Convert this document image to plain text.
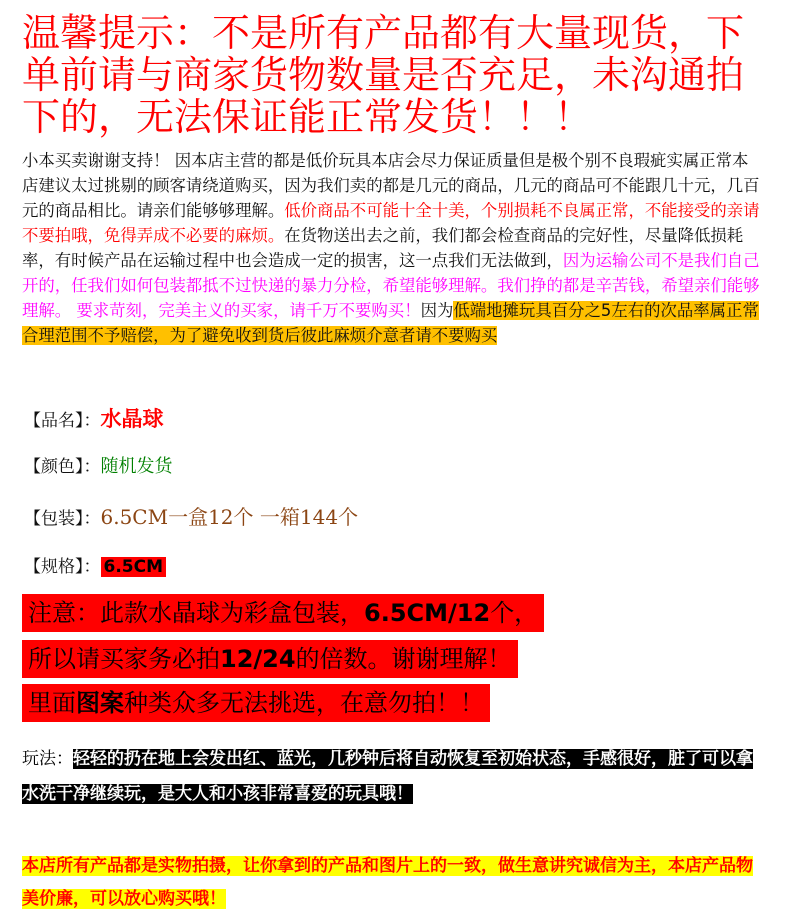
温馨提示：不是所有产品都有大量现货，下单前请与商家货物数量是否充足，未沟通拍下的，无法保证能正常发货！！！
小本买卖谢谢支持！ 因本店主营的都是低价玩具本店会尽力保证质量但是极个别不良瑕疵实属正常本店建议太过挑剔的顾客请绕道购买，因为我们卖的都是几元的商品，几元的商品可不能跟几十元，几百元的商品相比。请亲们能够够理解。低价商品不可能十全十美，个别损耗不良属正常，不能接受的亲请不要拍哦，免得弄成不必要的麻烦。在货物送出去之前，我们都会检查商品的完好性，尽量降低损耗率，有时候产品在运输过程中也会造成一定的损害，这一点我们无法做到，因为运输公司不是我们自己开的，任我们如何包装都抵不过快递的暴力分检，希望能够理解。我们挣的都是辛苦钱，希望亲们能够理解。 要求苛刻，完美主义的买家，请千万不要购买！因为低端地摊玩具百分之5左右的次品率属正常合理范围不予赔偿，为了避免收到货后彼此麻烦介意者请不要购买
【品名】：水晶球
【颜色】：随机发货
【包装】：6.5CM一盒12个 一箱144个
【规格】： 6.5CM
注意：此款水晶球为彩盒包装，6.5CM/12个，
所以请买家务必拍12/24的倍数。谢谢理解！
里面图案种类众多无法挑选，在意勿拍！！
玩法：轻轻的扔在地上会发出红、蓝光，几秒钟后将自动恢复至初始状态，手感很好，脏了可以拿水洗干净继续玩，是大人和小孩非常喜爱的玩具哦！
本店所有产品都是实物拍摄，让你拿到的产品和图片上的一致，做生意讲究诚信为主，本店产品物美价廉，可以放心购买哦！
